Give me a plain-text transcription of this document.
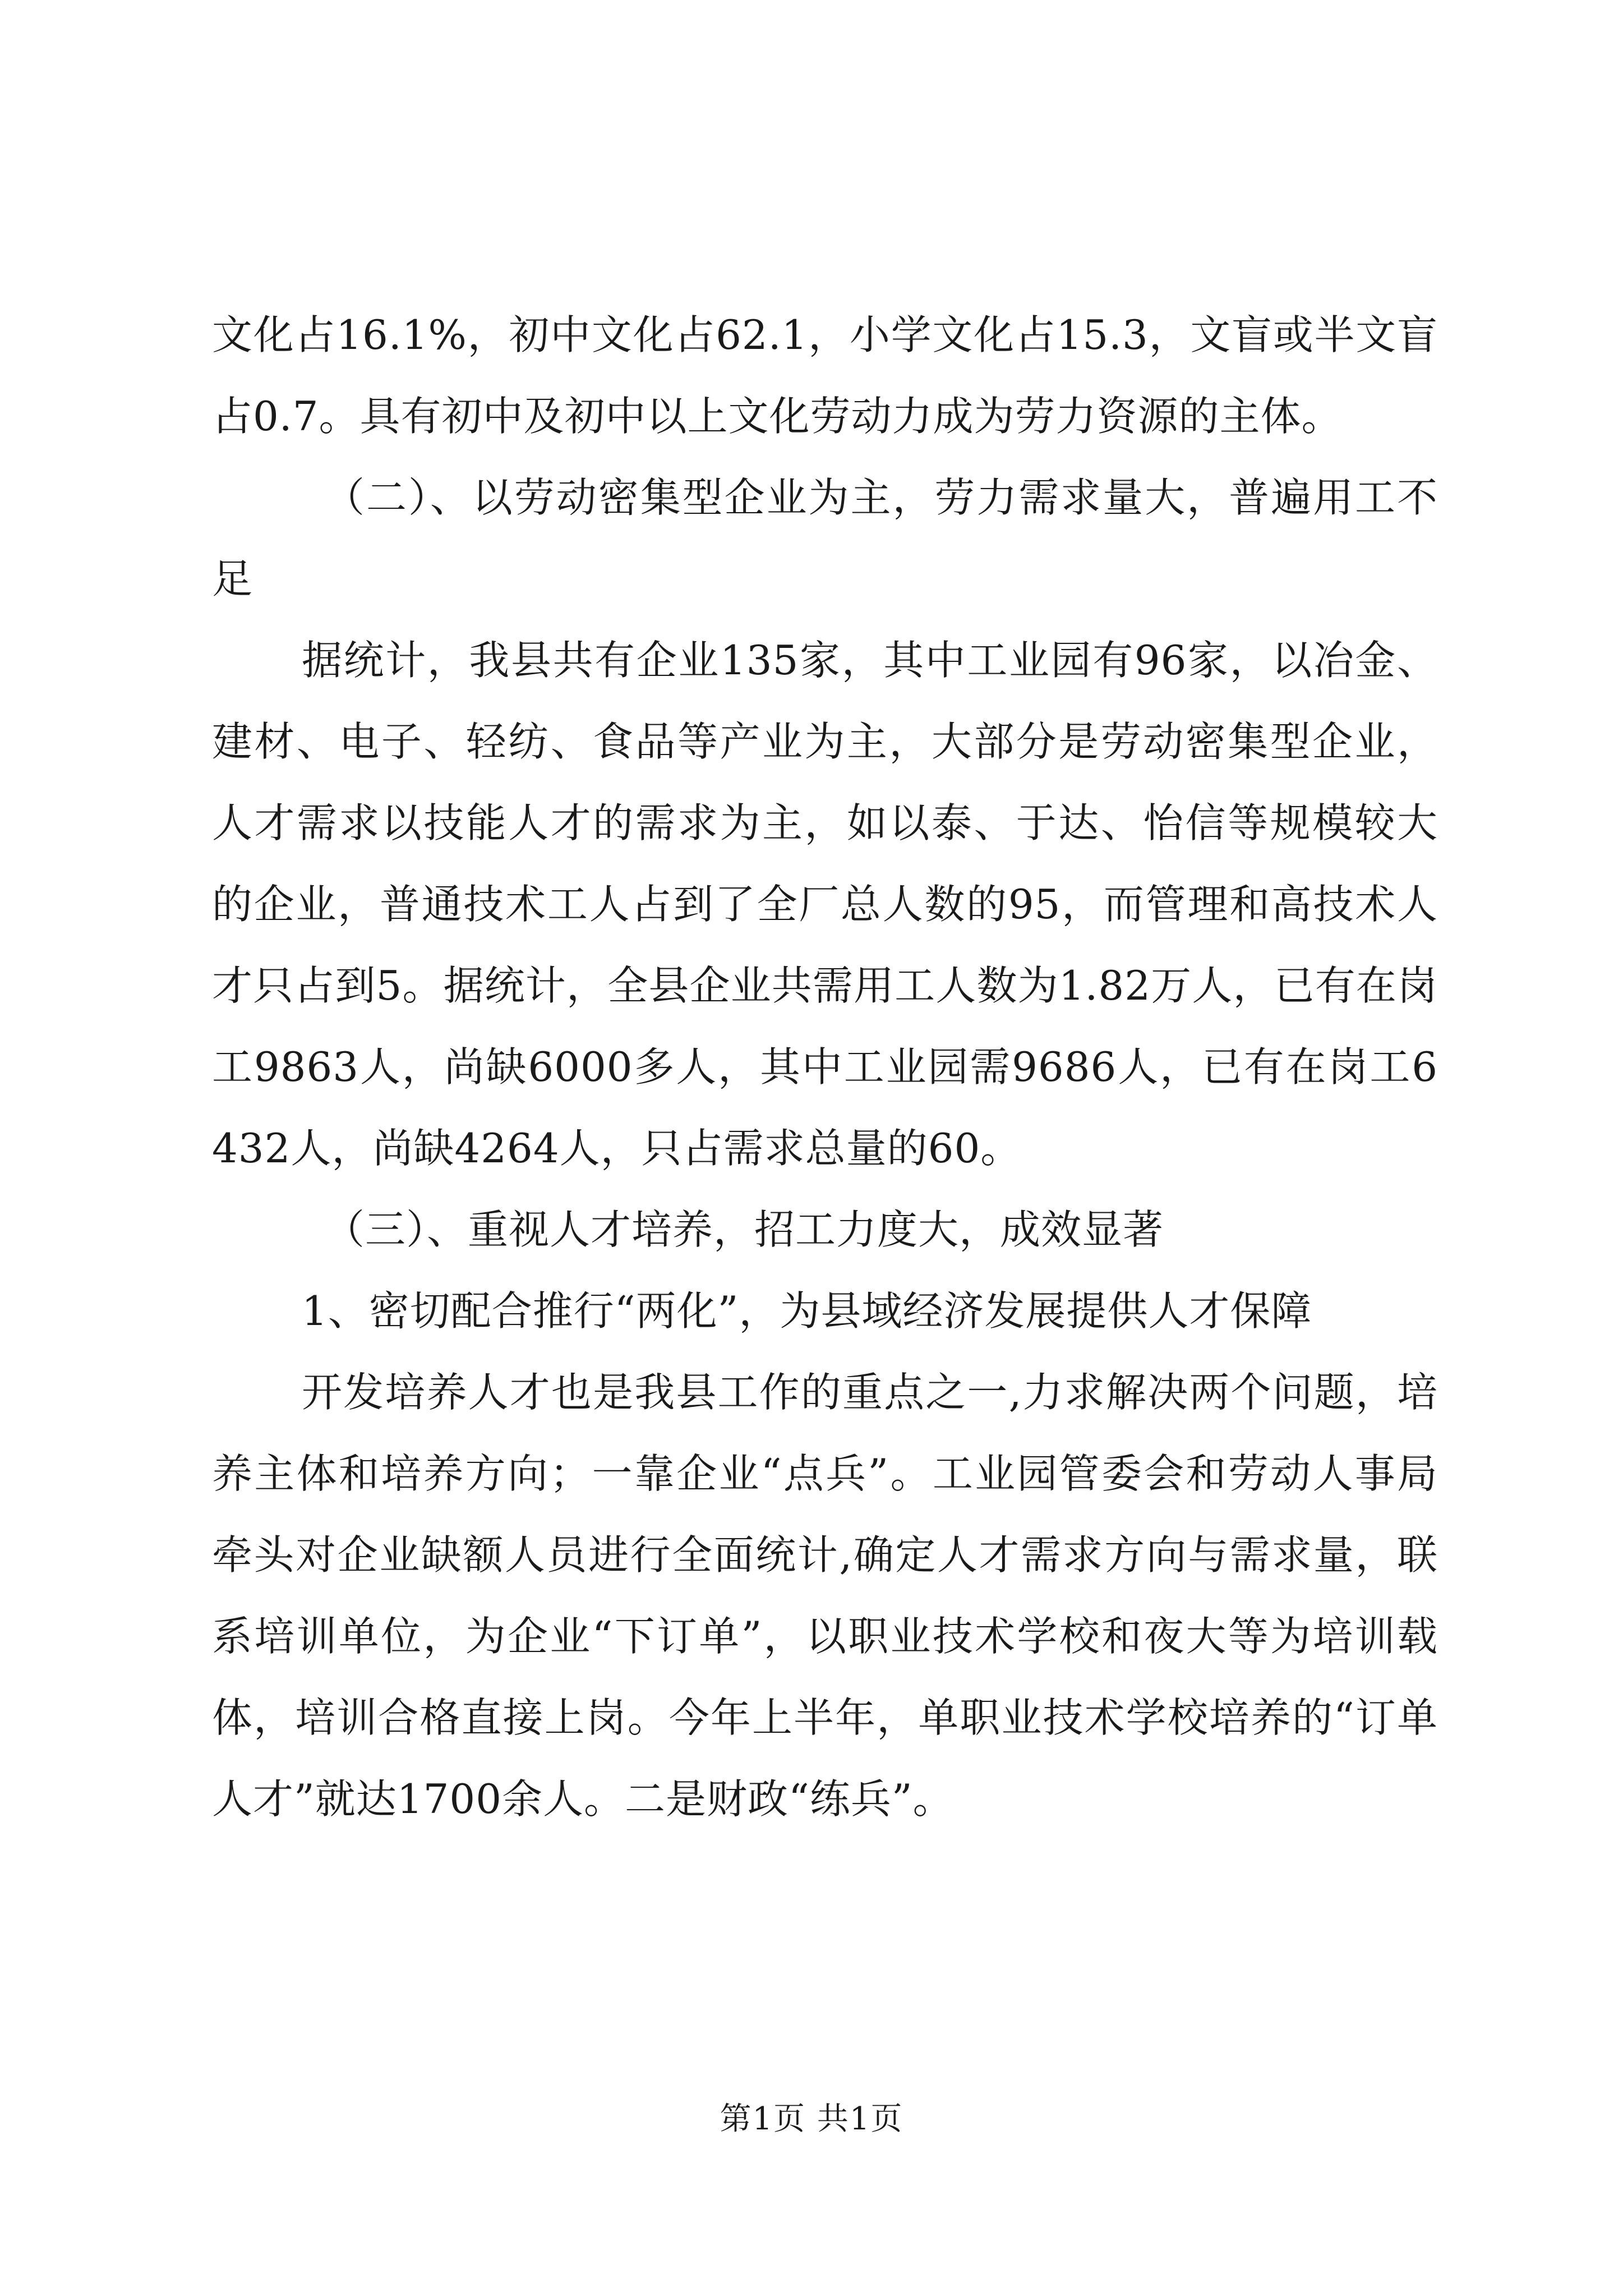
文化占16.1%，初中文化占62.1，小学文化占15.3，文盲或半文盲占0.7。具有初中及初中以上文化劳动力成为劳力资源的主体。

（二）、以劳动密集型企业为主，劳力需求量大，普遍用工不足

据统计，我县共有企业135家，其中工业园有96家，以冶金、建材、电子、轻纺、食品等产业为主，大部分是劳动密集型企业，人才需求以技能人才的需求为主，如以泰、于达、怡信等规模较大的企业，普通技术工人占到了全厂总人数的95，而管理和高技术人才只占到5。据统计，全县企业共需用工人数为1.82万人，已有在岗工9863人，尚缺6000多人，其中工业园需9686人，已有在岗工6432人，尚缺4264人，只占需求总量的60。

（三）、重视人才培养，招工力度大，成效显著

1、密切配合推行“两化”，为县域经济发展提供人才保障

开发培养人才也是我县工作的重点之一,力求解决两个问题，培养主体和培养方向；一靠企业“点兵”。工业园管委会和劳动人事局牵头对企业缺额人员进行全面统计,确定人才需求方向与需求量，联系培训单位，为企业“下订单”，以职业技术学校和夜大等为培训载体，培训合格直接上岗。今年上半年，单职业技术学校培养的“订单人才”就达1700余人。二是财政“练兵”。

第1页 共1页
